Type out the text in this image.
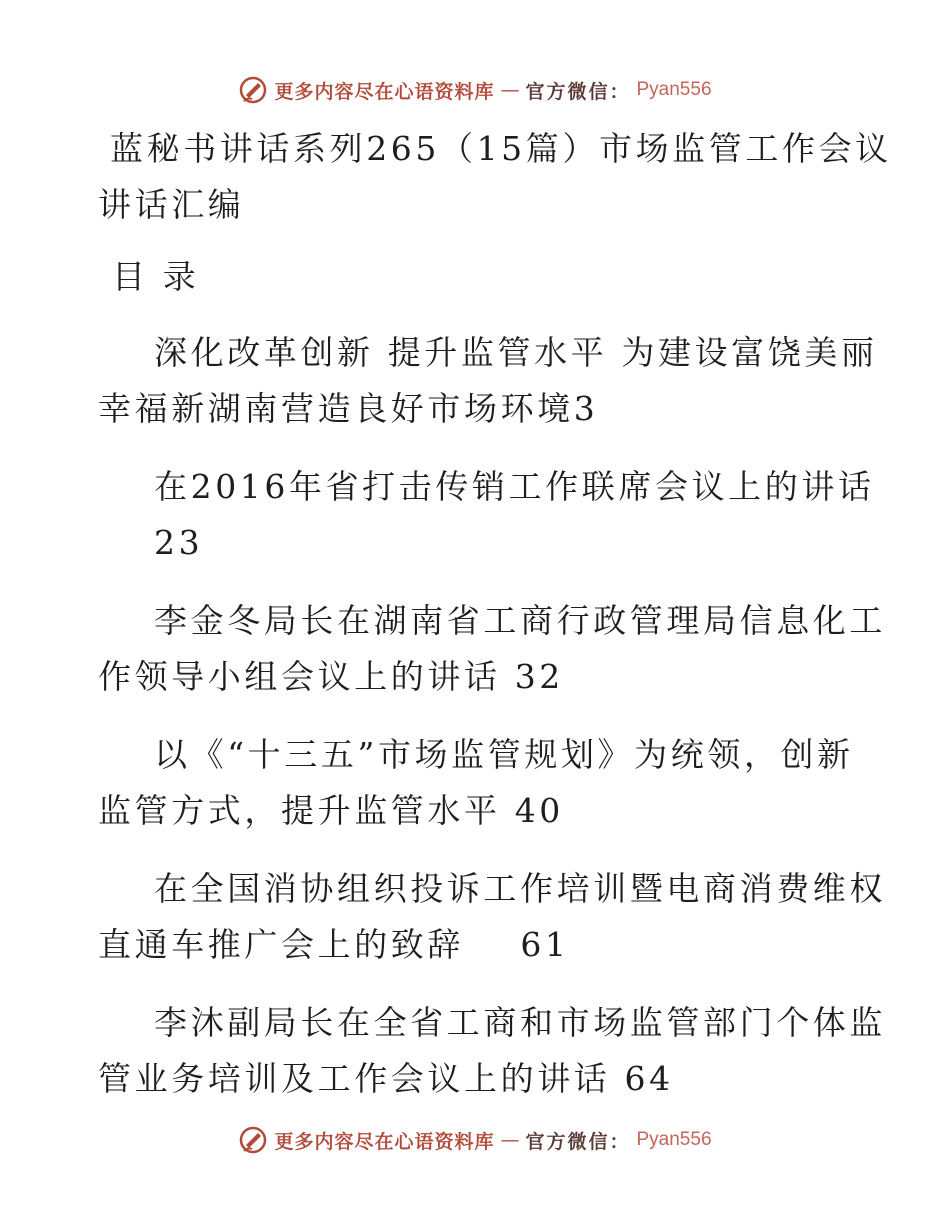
更多内容尽在心语资料库 — 官方微信： Pyan556
蓝秘书讲话系列265（15篇）市场监管工作会议
讲话汇编
目 录
深化改革创新 提升监管水平 为建设富饶美丽
幸福新湖南营造良好市场环境3
在2016年省打击传销工作联席会议上的讲话
23
李金冬局长在湖南省工商行政管理局信息化工
作领导小组会议上的讲话 32
以《“十三五”市场监管规划》为统领，创新
监管方式，提升监管水平 40
在全国消协组织投诉工作培训暨电商消费维权
直通车推广会上的致辞    61
李沐副局长在全省工商和市场监管部门个体监
管业务培训及工作会议上的讲话 64
更多内容尽在心语资料库 — 官方微信： Pyan556
